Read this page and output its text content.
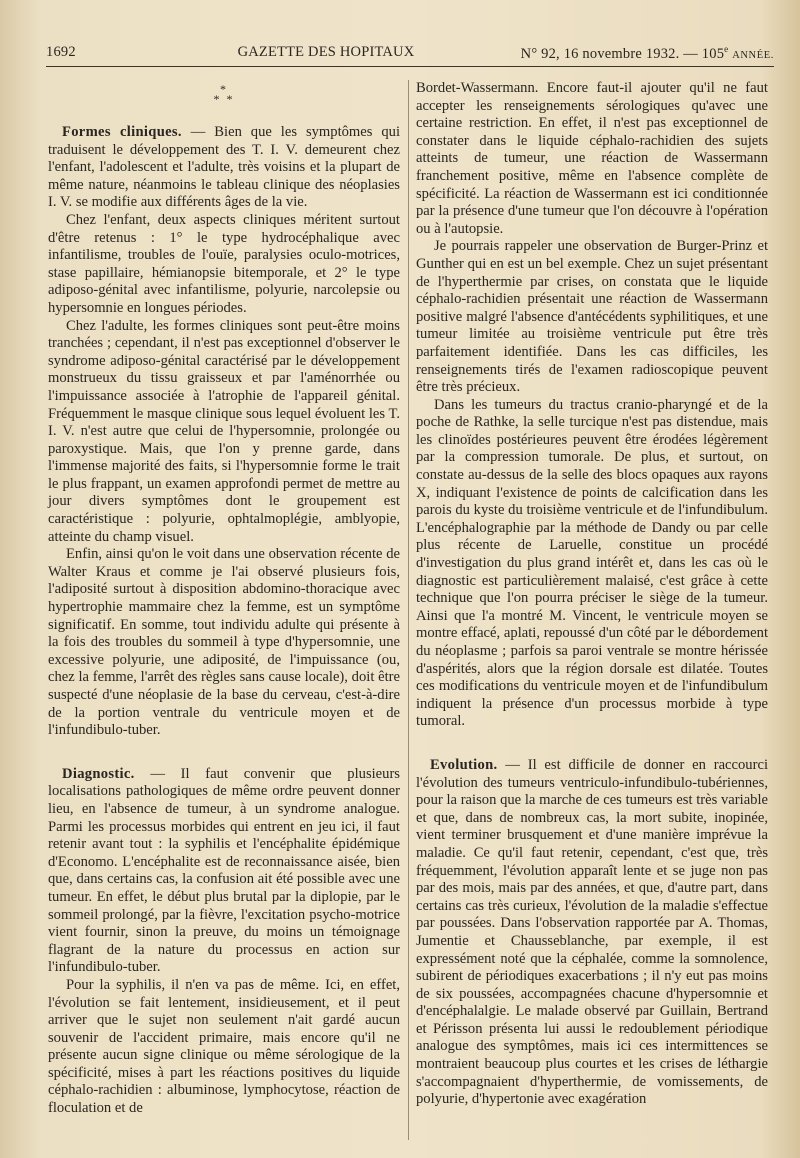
1692	GAZETTE DES HOPITAUX	N° 92, 16 novembre 1932. — 105e ANNÉE.
*
* *

Formes cliniques. — Bien que les symptômes qui traduisent le développement des T. I. V. demeurent chez l'enfant, l'adolescent et l'adulte, très voisins et la plupart de même nature, néanmoins le tableau clinique des néoplasies I. V. se modifie aux différents âges de la vie.

Chez l'enfant, deux aspects cliniques méritent surtout d'être retenus : 1° le type hydrocéphalique avec infantilisme, troubles de l'ouïe, paralysies oculo-motrices, stase papillaire, hémianopsie bitemporale, et 2° le type adiposo-génital avec infantilisme, polyurie, narcolepsie ou hypersomnie en longues périodes.

Chez l'adulte, les formes cliniques sont peut-être moins tranchées ; cependant, il n'est pas exceptionnel d'observer le syndrome adiposo-génital caractérisé par le développement monstrueux du tissu graisseux et par l'aménorrhée ou l'impuissance associée à l'atrophie de l'appareil génital. Fréquemment le masque clinique sous lequel évoluent les T. I. V. n'est autre que celui de l'hypersomnie, prolongée ou paroxystique. Mais, que l'on y prenne garde, dans l'immense majorité des faits, si l'hypersomnie forme le trait le plus frappant, un examen approfondi permet de mettre au jour divers symptômes dont le groupement est caractéristique : polyurie, ophtalmoplégie, amblyopie, atteinte du champ visuel.

Enfin, ainsi qu'on le voit dans une observation récente de Walter Kraus et comme je l'ai observé plusieurs fois, l'adiposité surtout à disposition abdomino-thoracique avec hypertrophie mammaire chez la femme, est un symptôme significatif. En somme, tout individu adulte qui présente à la fois des troubles du sommeil à type d'hypersomnie, une excessive polyurie, une adiposité, de l'impuissance (ou, chez la femme, l'arrêt des règles sans cause locale), doit être suspecté d'une néoplasie de la base du cerveau, c'est-à-dire de la portion ventrale du ventricule moyen et de l'infundibulo-tuber.

Diagnostic. — Il faut convenir que plusieurs localisations pathologiques de même ordre peuvent donner lieu, en l'absence de tumeur, à un syndrome analogue. Parmi les processus morbides qui entrent en jeu ici, il faut retenir avant tout : la syphilis et l'encéphalite épidémique d'Economo. L'encéphalite est de reconnaissance aisée, bien que, dans certains cas, la confusion ait été possible avec une tumeur. En effet, le début plus brutal par la diplopie, par le sommeil prolongé, par la fièvre, l'excitation psycho-motrice vient fournir, sinon la preuve, du moins un témoignage flagrant de la nature du processus en action sur l'infundibulo-tuber.

Pour la syphilis, il n'en va pas de même. Ici, en effet, l'évolution se fait lentement, insidieusement, et il peut arriver que le sujet non seulement n'ait gardé aucun souvenir de l'accident primaire, mais encore qu'il ne présente aucun signe clinique ou même sérologique de la spécificité, mises à part les réactions positives du liquide céphalo-rachidien : albuminose, lymphocytose, réaction de floculation et de

Bordet-Wassermann. Encore faut-il ajouter qu'il ne faut accepter les renseignements sérologiques qu'avec une certaine restriction. En effet, il n'est pas exceptionnel de constater dans le liquide céphalo-rachidien des sujets atteints de tumeur, une réaction de Wassermann franchement positive, même en l'absence complète de spécificité. La réaction de Wassermann est ici conditionnée par la présence d'une tumeur que l'on découvre à l'opération ou à l'autopsie.

Je pourrais rappeler une observation de Burger-Prinz et Gunther qui en est un bel exemple. Chez un sujet présentant de l'hyperthermie par crises, on constata que le liquide céphalo-rachidien présentait une réaction de Wassermann positive malgré l'absence d'antécédents syphilitiques, et une tumeur limitée au troisième ventricule put être très parfaitement identifiée. Dans les cas difficiles, les renseignements tirés de l'examen radioscopique peuvent être très précieux.

Dans les tumeurs du tractus cranio-pharyngé et de la poche de Rathke, la selle turcique n'est pas distendue, mais les clinoïdes postérieures peuvent être érodées légèrement par la compression tumorale. De plus, et surtout, on constate au-dessus de la selle des blocs opaques aux rayons X, indiquant l'existence de points de calcification dans les parois du kyste du troisième ventricule et de l'infundibulum. L'encéphalographie par la méthode de Dandy ou par celle plus récente de Laruelle, constitue un procédé d'investigation du plus grand intérêt et, dans les cas où le diagnostic est particulièrement malaisé, c'est grâce à cette technique que l'on pourra préciser le siège de la tumeur. Ainsi que l'a montré M. Vincent, le ventricule moyen se montre effacé, aplati, repoussé d'un côté par le débordement du néoplasme ; parfois sa paroi ventrale se montre hérissée d'aspérités, alors que la région dorsale est dilatée. Toutes ces modifications du ventricule moyen et de l'infundibulum indiquent la présence d'un processus morbide à type tumoral.

Evolution. — Il est difficile de donner en raccourci l'évolution des tumeurs ventriculo-infundibulo-tubériennes, pour la raison que la marche de ces tumeurs est très variable et que, dans de nombreux cas, la mort subite, inopinée, vient terminer brusquement et d'une manière imprévue la maladie. Ce qu'il faut retenir, cependant, c'est que, très fréquemment, l'évolution apparaît lente et se juge non pas par des mois, mais par des années, et que, d'autre part, dans certains cas très curieux, l'évolution de la maladie s'effectue par poussées. Dans l'observation rapportée par A. Thomas, Jumentie et Chausseblanche, par exemple, il est expressément noté que la céphalée, comme la somnolence, subirent de périodiques exacerbations ; il n'y eut pas moins de six poussées, accompagnées chacune d'hypersomnie et d'encéphalalgie. Le malade observé par Guillain, Bertrand et Périsson présenta lui aussi le redoublement périodique analogue des symptômes, mais ici ces intermittences se montraient beaucoup plus courtes et les crises de léthargie s'accompagnaient d'hyperthermie, de vomissements, de polyurie, d'hypertonie avec exagération
